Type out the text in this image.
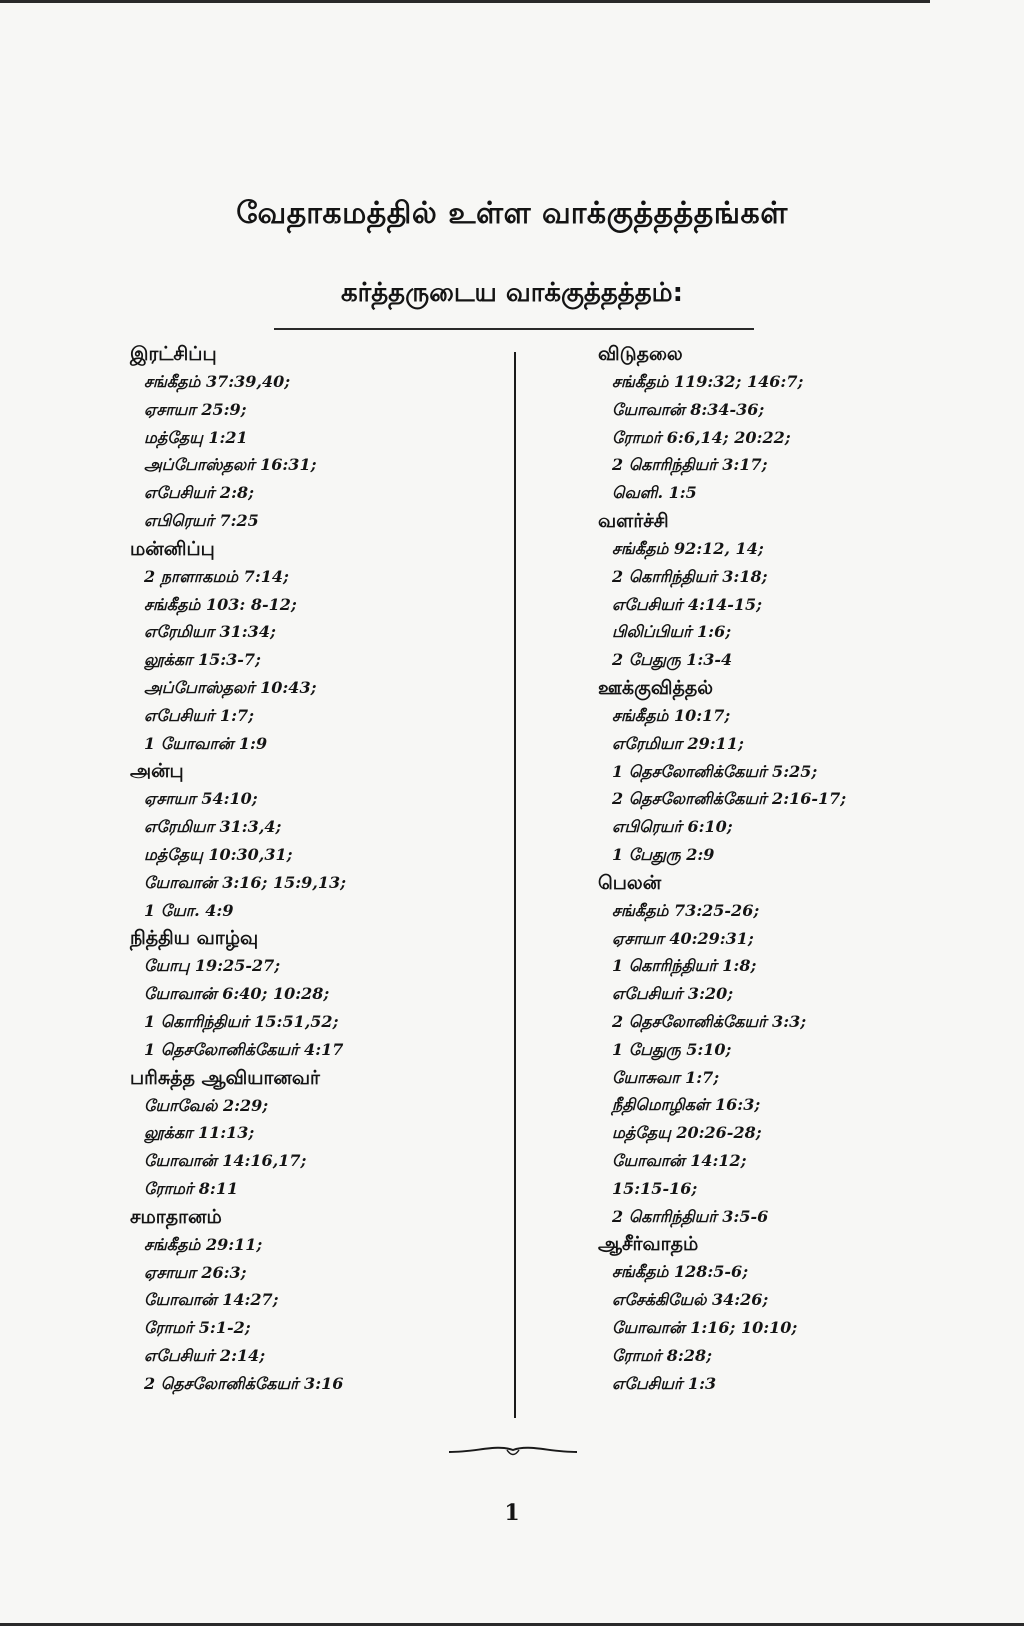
வேதாகமத்தில் உள்ள வாக்குத்தத்தங்கள்
கர்த்தருடைய வாக்குத்தத்தம்:
இரட்சிப்பு
சங்கீதம் 37:39,40;
ஏசாயா 25:9;
மத்தேயு 1:21
அப்போஸ்தலர் 16:31;
எபேசியர் 2:8;
எபிரெயர் 7:25
மன்னிப்பு
2 நாளாகமம் 7:14;
சங்கீதம் 103: 8-12;
எரேமியா 31:34;
லூக்கா 15:3-7;
அப்போஸ்தலர் 10:43;
எபேசியர் 1:7;
1 யோவான் 1:9
அன்பு
ஏசாயா 54:10;
எரேமியா 31:3,4;
மத்தேயு 10:30,31;
யோவான் 3:16; 15:9,13;
1 யோ. 4:9
நித்திய வாழ்வு
யோபு 19:25-27;
யோவான் 6:40; 10:28;
1 கொரிந்தியர் 15:51,52;
1 தெசலோனிக்கேயர் 4:17
பரிசுத்த ஆவியானவர்
யோவேல் 2:29;
லூக்கா 11:13;
யோவான் 14:16,17;
ரோமர் 8:11
சமாதானம்
சங்கீதம் 29:11;
ஏசாயா 26:3;
யோவான் 14:27;
ரோமர் 5:1-2;
எபேசியர் 2:14;
2 தெசலோனிக்கேயர் 3:16
விடுதலை
சங்கீதம் 119:32; 146:7;
யோவான் 8:34-36;
ரோமர் 6:6,14; 20:22;
2 கொரிந்தியர் 3:17;
வெளி. 1:5
வளர்ச்சி
சங்கீதம் 92:12, 14;
2 கொரிந்தியர் 3:18;
எபேசியர் 4:14-15;
பிலிப்பியர் 1:6;
2 பேதுரு 1:3-4
ஊக்குவித்தல்
சங்கீதம் 10:17;
எரேமியா 29:11;
1 தெசலோனிக்கேயர் 5:25;
2 தெசலோனிக்கேயர் 2:16-17;
எபிரெயர் 6:10;
1 பேதுரு 2:9
பெலன்
சங்கீதம் 73:25-26;
ஏசாயா 40:29:31;
1 கொரிந்தியர் 1:8;
எபேசியர் 3:20;
2 தெசலோனிக்கேயர் 3:3;
1 பேதுரு 5:10;
யோசுவா 1:7;
நீதிமொழிகள் 16:3;
மத்தேயு 20:26-28;
யோவான் 14:12;
15:15-16;
2 கொரிந்தியர் 3:5-6
ஆசீர்வாதம்
சங்கீதம் 128:5-6;
எசேக்கியேல் 34:26;
யோவான் 1:16; 10:10;
ரோமர் 8:28;
எபேசியர் 1:3
1
